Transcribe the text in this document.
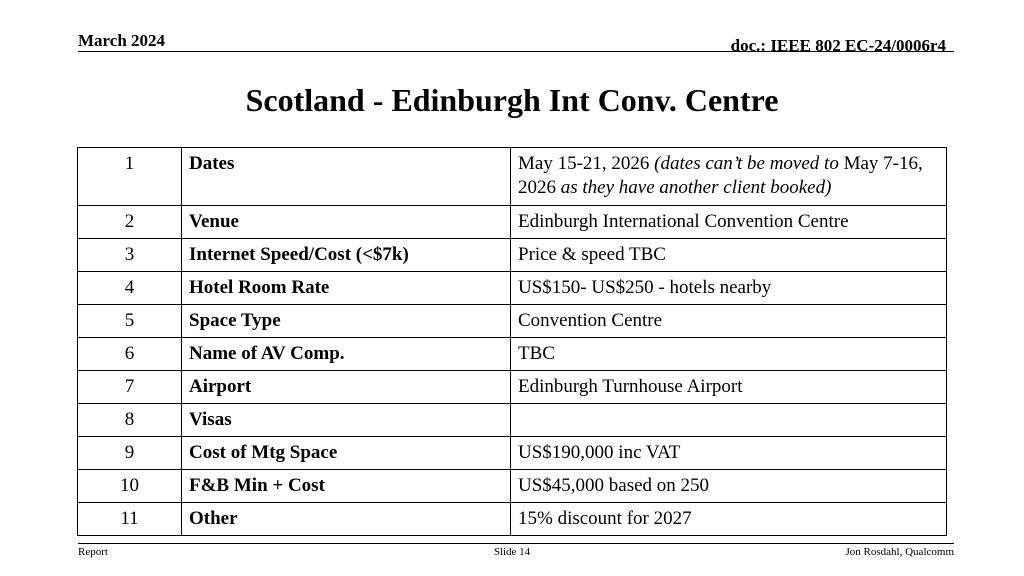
March 2024	doc.: IEEE 802 EC-24/0006r4
Scotland - Edinburgh Int Conv. Centre
1	Dates	May 15-21, 2026 (dates can’t be moved to May 7-16, 2026 as they have another client booked)
2	Venue	Edinburgh International Convention Centre
3	Internet Speed/Cost (<$7k)	Price & speed TBC
4	Hotel Room Rate	US$150- US$250 - hotels nearby
5	Space Type	Convention Centre
6	Name of AV Comp.	TBC
7	Airport	Edinburgh Turnhouse Airport
8	Visas	
9	Cost of Mtg Space	US$190,000 inc VAT
10	F&B Min + Cost	US$45,000 based on 250
11	Other	15% discount for 2027
Report	Slide 14	Jon Rosdahl, Qualcomm
